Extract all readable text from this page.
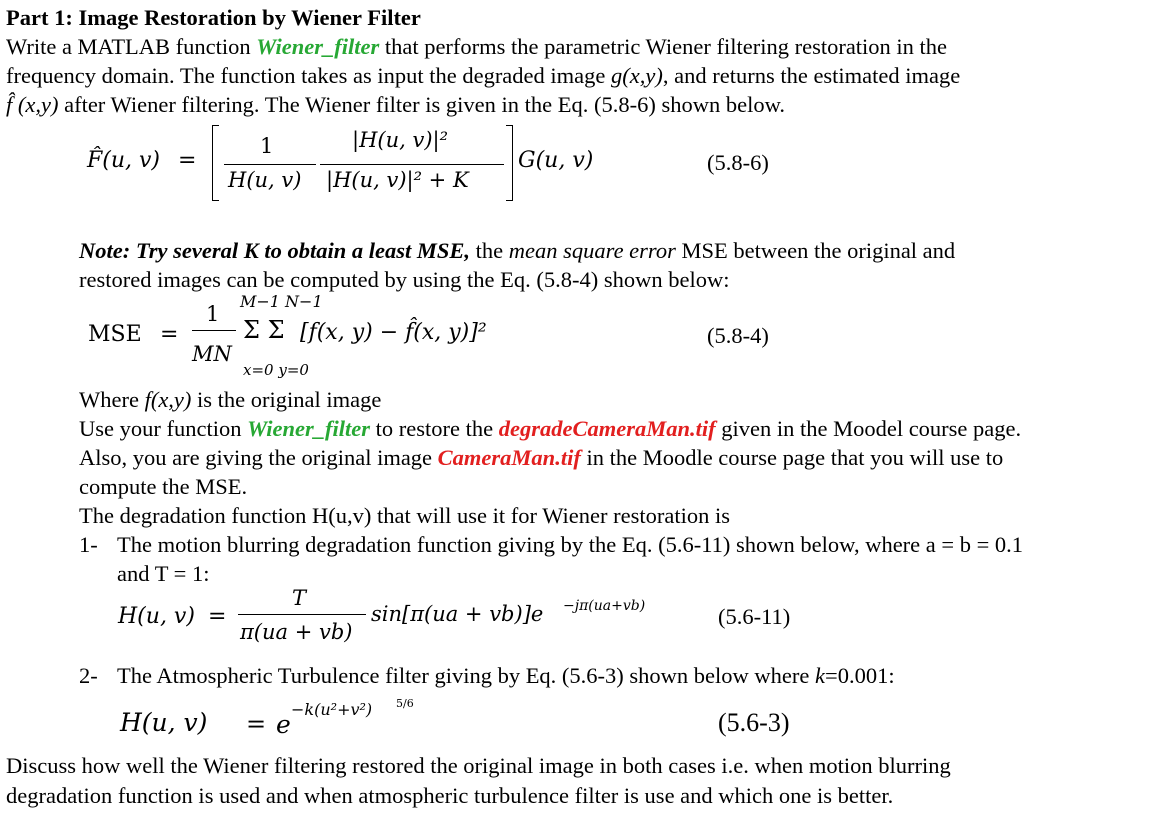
Part 1: Image Restoration by Wiener Filter
Write a MATLAB function Wiener_filter that performs the parametric Wiener filtering restoration in the
frequency domain. The function takes as input the degraded image g(x,y), and returns the estimated image
f̂ (x,y) after Wiener filtering. The Wiener filter is given in the Eq. (5.8-6) shown below.
F̂(u, v) =
1
H(u, v)
|H(u, v)|²
|H(u, v)|² + K
G(u, v)	(5.8-6)
Note: Try several K to obtain a least MSE, the mean square error MSE between the original and
restored images can be computed by using the Eq. (5.8-4) shown below:
MSE =
1
MN
M−1 N−1
Σ Σ [f(x, y) − f̂(x, y)]²
x=0 y=0
(5.8-4)
Where f(x,y) is the original image
Use your function Wiener_filter to restore the degradeCameraMan.tif given in the Moodel course page.
Also, you are giving the original image CameraMan.tif in the Moodle course page that you will use to
compute the MSE.
The degradation function H(u,v) that will use it for Wiener restoration is
1- The motion blurring degradation function giving by the Eq. (5.6-11) shown below, where a = b = 0.1
and T = 1:
H(u, v) =
T
π(ua + vb)
sin[π(ua + vb)]e −jπ(ua+vb)	(5.6-11)
2- The Atmospheric Turbulence filter giving by Eq. (5.6-3) shown below where k=0.001:
H(u, v) = e
−k(u²+v²) 5/6
(5.6-3)
Discuss how well the Wiener filtering restored the original image in both cases i.e. when motion blurring
degradation function is used and when atmospheric turbulence filter is use and which one is better.
